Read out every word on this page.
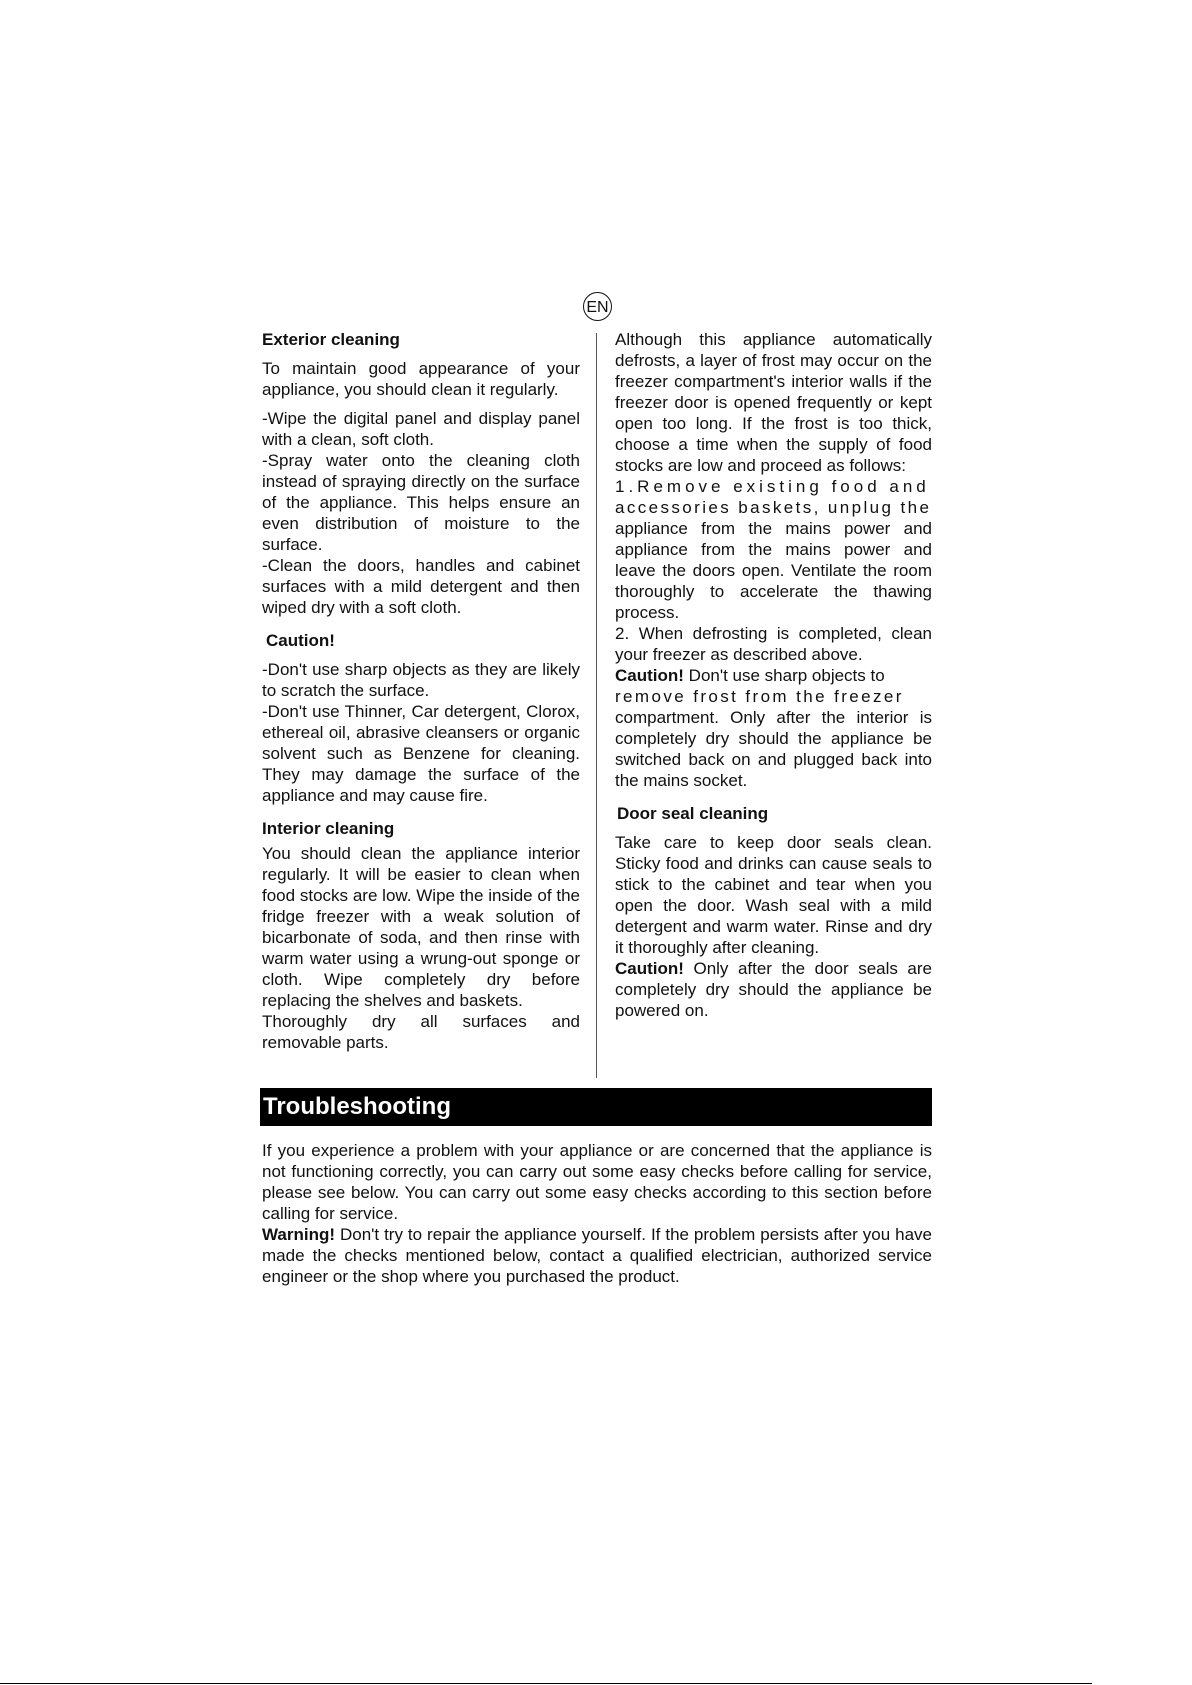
EN
Exterior cleaning

To maintain good appearance of your appliance, you should clean it regularly.

-Wipe the digital panel and display panel with a clean, soft cloth.

-Spray water onto the cleaning cloth instead of spraying directly on the surface of the appliance. This helps ensure an even distribution of moisture to the surface.

-Clean the doors, handles and cabinet surfaces with a mild detergent and then wiped dry with a soft cloth.

Caution!

-Don't use sharp objects as they are likely to scratch the surface.

-Don't use Thinner, Car detergent, Clorox, ethereal oil, abrasive cleansers or organic solvent such as Benzene for cleaning. They may damage the surface of the appliance and may cause fire.

Interior cleaning

You should clean the appliance interior regularly. It will be easier to clean when food stocks are low. Wipe the inside of the fridge freezer with a weak solution of bicarbonate of soda, and then rinse with warm water using a wrung-out sponge or cloth. Wipe completely dry before replacing the shelves and baskets.

Thoroughly dry all surfaces and removable parts.

Although this appliance automatically defrosts, a layer of frost may occur on the freezer compartment's interior walls if the freezer door is opened frequently or kept open too long. If the frost is too thick, choose a time when the supply of food stocks are low and proceed as follows:

1.Remove existing food and

accessories baskets, unplug the

appliance from the mains power and appliance from the mains power and leave the doors open. Ventilate the room thoroughly to accelerate the thawing process.

2. When defrosting is completed, clean your freezer as described above.

Caution! Don't use sharp objects to

remove frost from the freezer

compartment. Only after the interior is completely dry should the appliance be switched back on and plugged back into the mains socket.

Door seal cleaning

Take care to keep door seals clean. Sticky food and drinks can cause seals to stick to the cabinet and tear when you open the door. Wash seal with a mild detergent and warm water. Rinse and dry it thoroughly after cleaning.

Caution! Only after the door seals are completely dry should the appliance be powered on.

Troubleshooting

If you experience a problem with your appliance or are concerned that the appliance is not functioning correctly, you can carry out some easy checks before calling for service, please see below. You can carry out some easy checks according to this section before calling for service.

Warning! Don't try to repair the appliance yourself. If the problem persists after you have made the checks mentioned below, contact a qualified electrician, authorized service engineer or the shop where you purchased the product.
